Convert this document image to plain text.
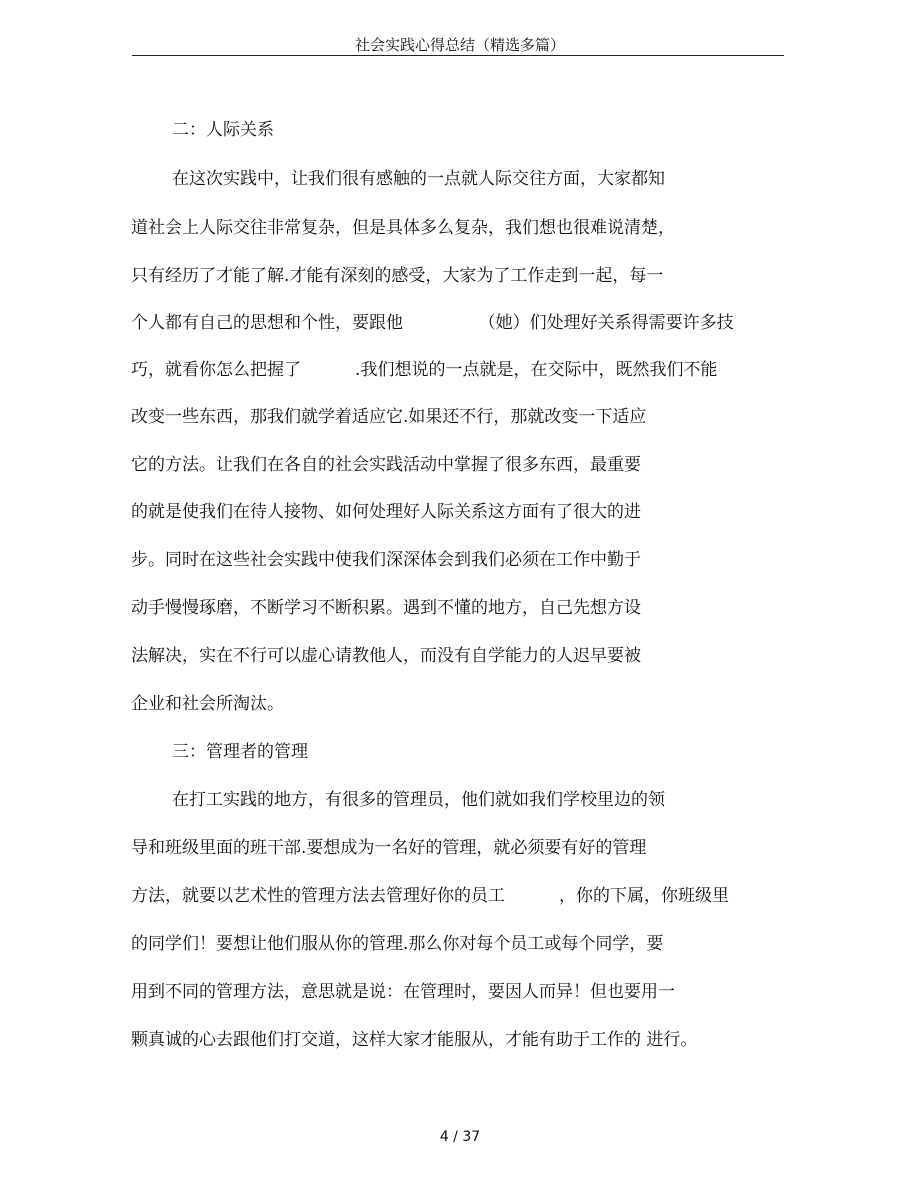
社会实践心得总结（精选多篇）

二：人际关系

在这次实践中，让我们很有感触的一点就人际交往方面，大家都知

道社会上人际交往非常复杂，但是具体多么复杂，我们想也很难说清楚，

只有经历了才能了解.才能有深刻的感受，大家为了工作走到一起，每一

个人都有自己的思想和个性，要跟他              （她）们处理好关系得需要许多技

巧，就看你怎么把握了          .我们想说的一点就是，在交际中，既然我们不能

改变一些东西，那我们就学着适应它.如果还不行，那就改变一下适应

它的方法。让我们在各自的社会实践活动中掌握了很多东西，最重要

的就是使我们在待人接物、如何处理好人际关系这方面有了很大的进

步。同时在这些社会实践中使我们深深体会到我们必须在工作中勤于

动手慢慢琢磨，不断学习不断积累。遇到不懂的地方，自己先想方设

法解决，实在不行可以虚心请教他人，而没有自学能力的人迟早要被

企业和社会所淘汰。

三：管理者的管理

在打工实践的地方，有很多的管理员，他们就如我们学校里边的领

导和班级里面的班干部.要想成为一名好的管理，就必须要有好的管理

方法，就要以艺术性的管理方法去管理好你的员工          ，你的下属，你班级里

的同学们！要想让他们服从你的管理.那么你对每个员工或每个同学，要

用到不同的管理方法，意思就是说：在管理时，要因人而异！但也要用一

颗真诚的心去跟他们打交道，这样大家才能服从，才能有助于工作的 进行。

4 / 37
